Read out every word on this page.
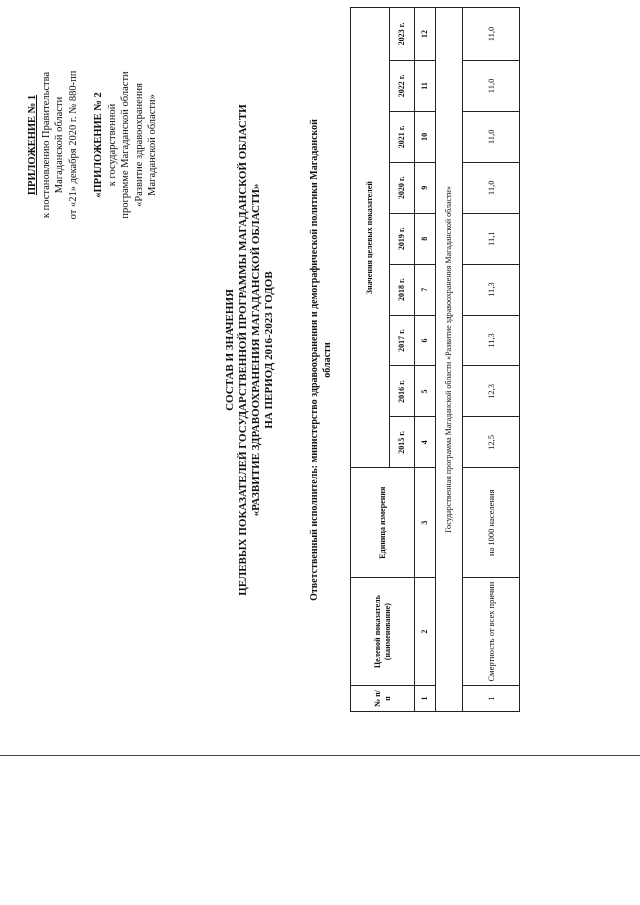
ПРИЛОЖЕНИЕ № 1 к постановлению Правительства Магаданской области от «21» декабря 2020 г. № 880-пп «ПРИЛОЖЕНИЕ № 2 к государственной программе Магаданской области «Развитие здравоохранения Магаданской области»
СОСТАВ И ЗНАЧЕНИЯ ЦЕЛЕВЫХ ПОКАЗАТЕЛЕЙ ГОСУДАРСТВЕННОЙ ПРОГРАММЫ МАГАДАНСКОЙ ОБЛАСТИ «РАЗВИТИЕ ЗДРАВООХРАНЕНИЯ МАГАДАНСКОЙ ОБЛАСТИ» НА ПЕРИОД 2016-2023 ГОДОВ	Ответственный исполнитель: министерство здравоохранения и демографической политики Магаданской области
№ п/п	Целевой показатель (наименование)	Единица измерения	Значения целевых показателей								
			2015 г.	2016 г.	2017 г.	2018 г.	2019 г.	2020 г.	2021 г.	2022 г.	2023 г.
1	2	3	4	5	6	7	8	9	10	11	12
Государственная программа Магаданской области «Развитие здравоохранения Магаданской области»											
1	Смертность от всех причин	на 1000 населения	12,5	12,3	11,3	11,3	11,1	11,0	11,0	11,0	11,0
